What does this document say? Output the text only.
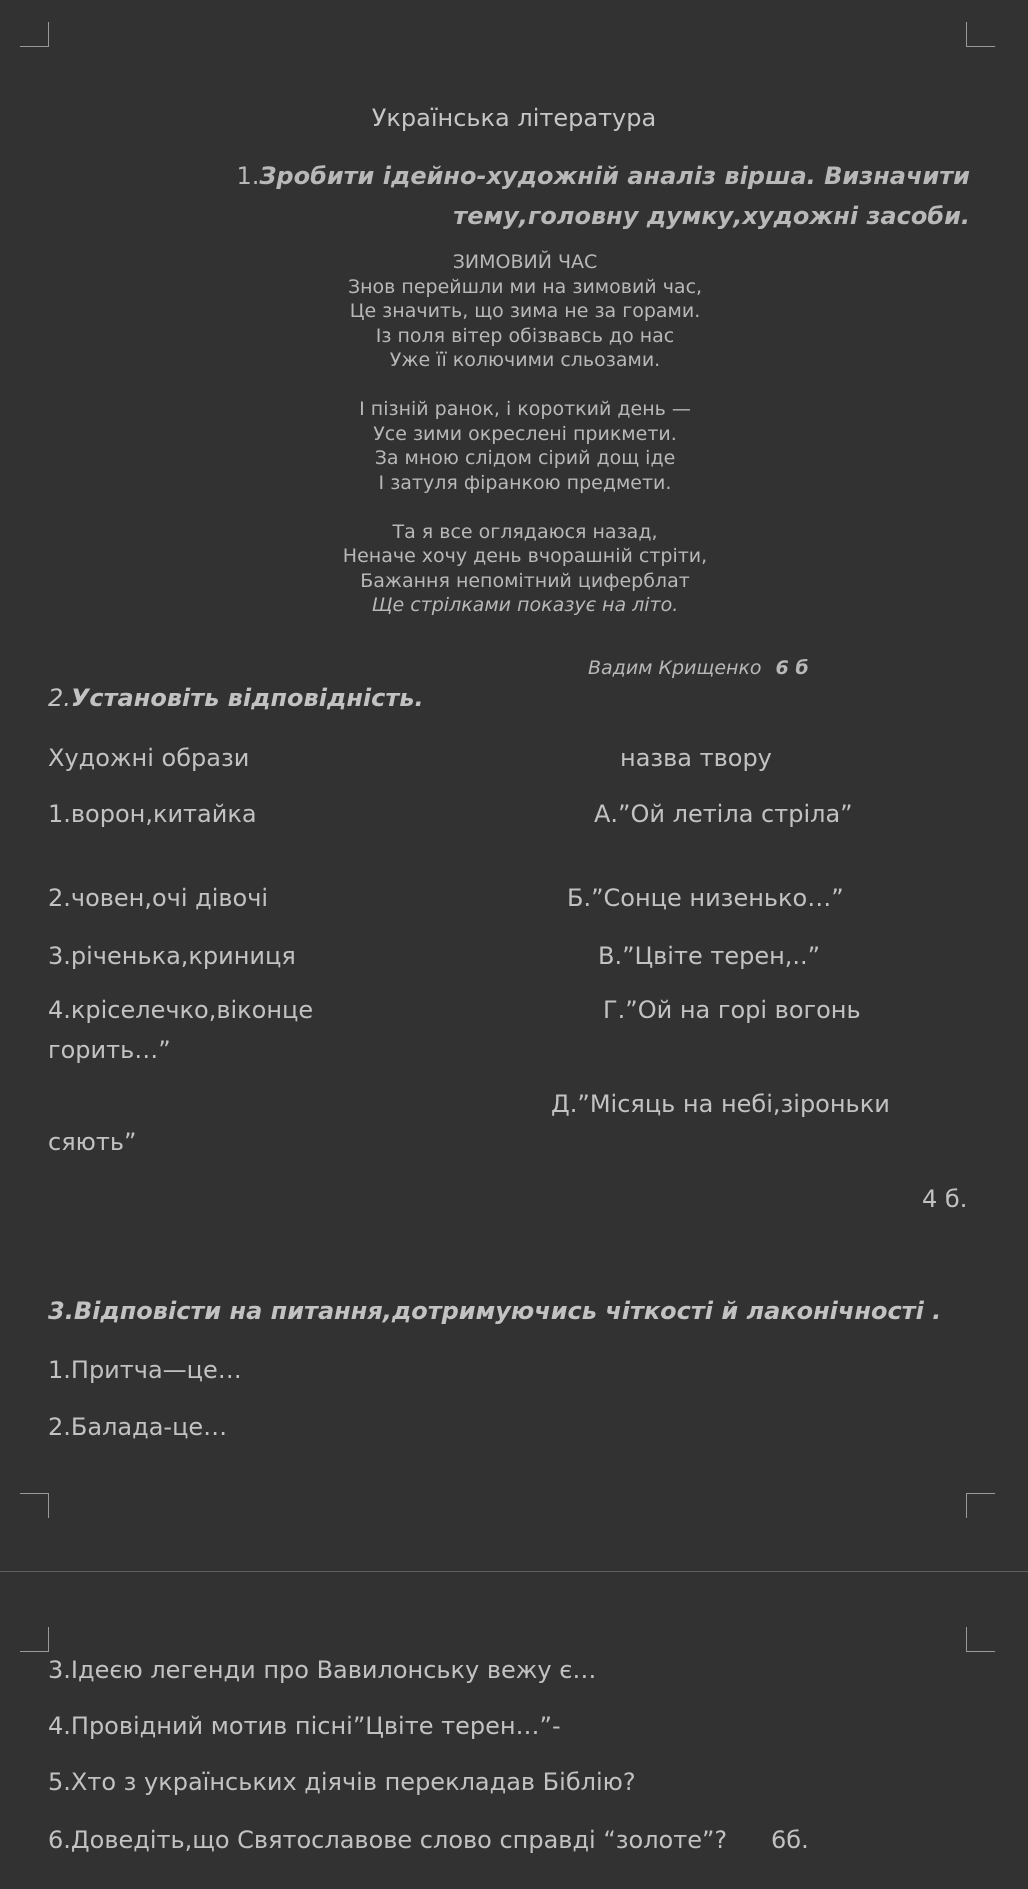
Українська література
1.Зробити ідейно-художній аналіз вірша. Визначити тему,головну думку,художні засоби.
ЗИМОВИЙ ЧАС
Знов перейшли ми на зимовий час,
Це значить, що зима не за горами.
Із поля вітер обізвавсь до нас
Уже її колючими сльозами.
І пізній ранок, і короткий день —
Усе зими окреслені прикмети.
За мною слідом сірий дощ іде
І затуля фіранкою предмети.
Та я все оглядаюся назад,
Неначе хочу день вчорашній стріти,
Бажання непомітний циферблат
Ще стрілками показує на літо.
Вадим Крищенко 6 б
2.Установіть відповідність.
Художні образи	назва твору
1.ворон,китайка	А.”Ой летіла стріла”
2.човен,очі дівочі	Б.”Сонце низенько…”
3.річенька,криниця	В.”Цвіте терен,..”
4.кріселечко,віконце	Г.”Ой на горі вогонь
горить…”
Д.”Місяць на небі,зіроньки
сяють”
4 б.
3.Відповісти на питання,дотримуючись чіткості й лаконічності .
1.Притча—це…
2.Балада-це…
3.Ідеєю легенди про Вавилонську вежу є…
4.Провідний мотив пісні”Цвіте терен…”-
5.Хто з українських діячів перекладав Біблію?
6.Доведіть,що Святославове слово справді “золоте”? 6б.
